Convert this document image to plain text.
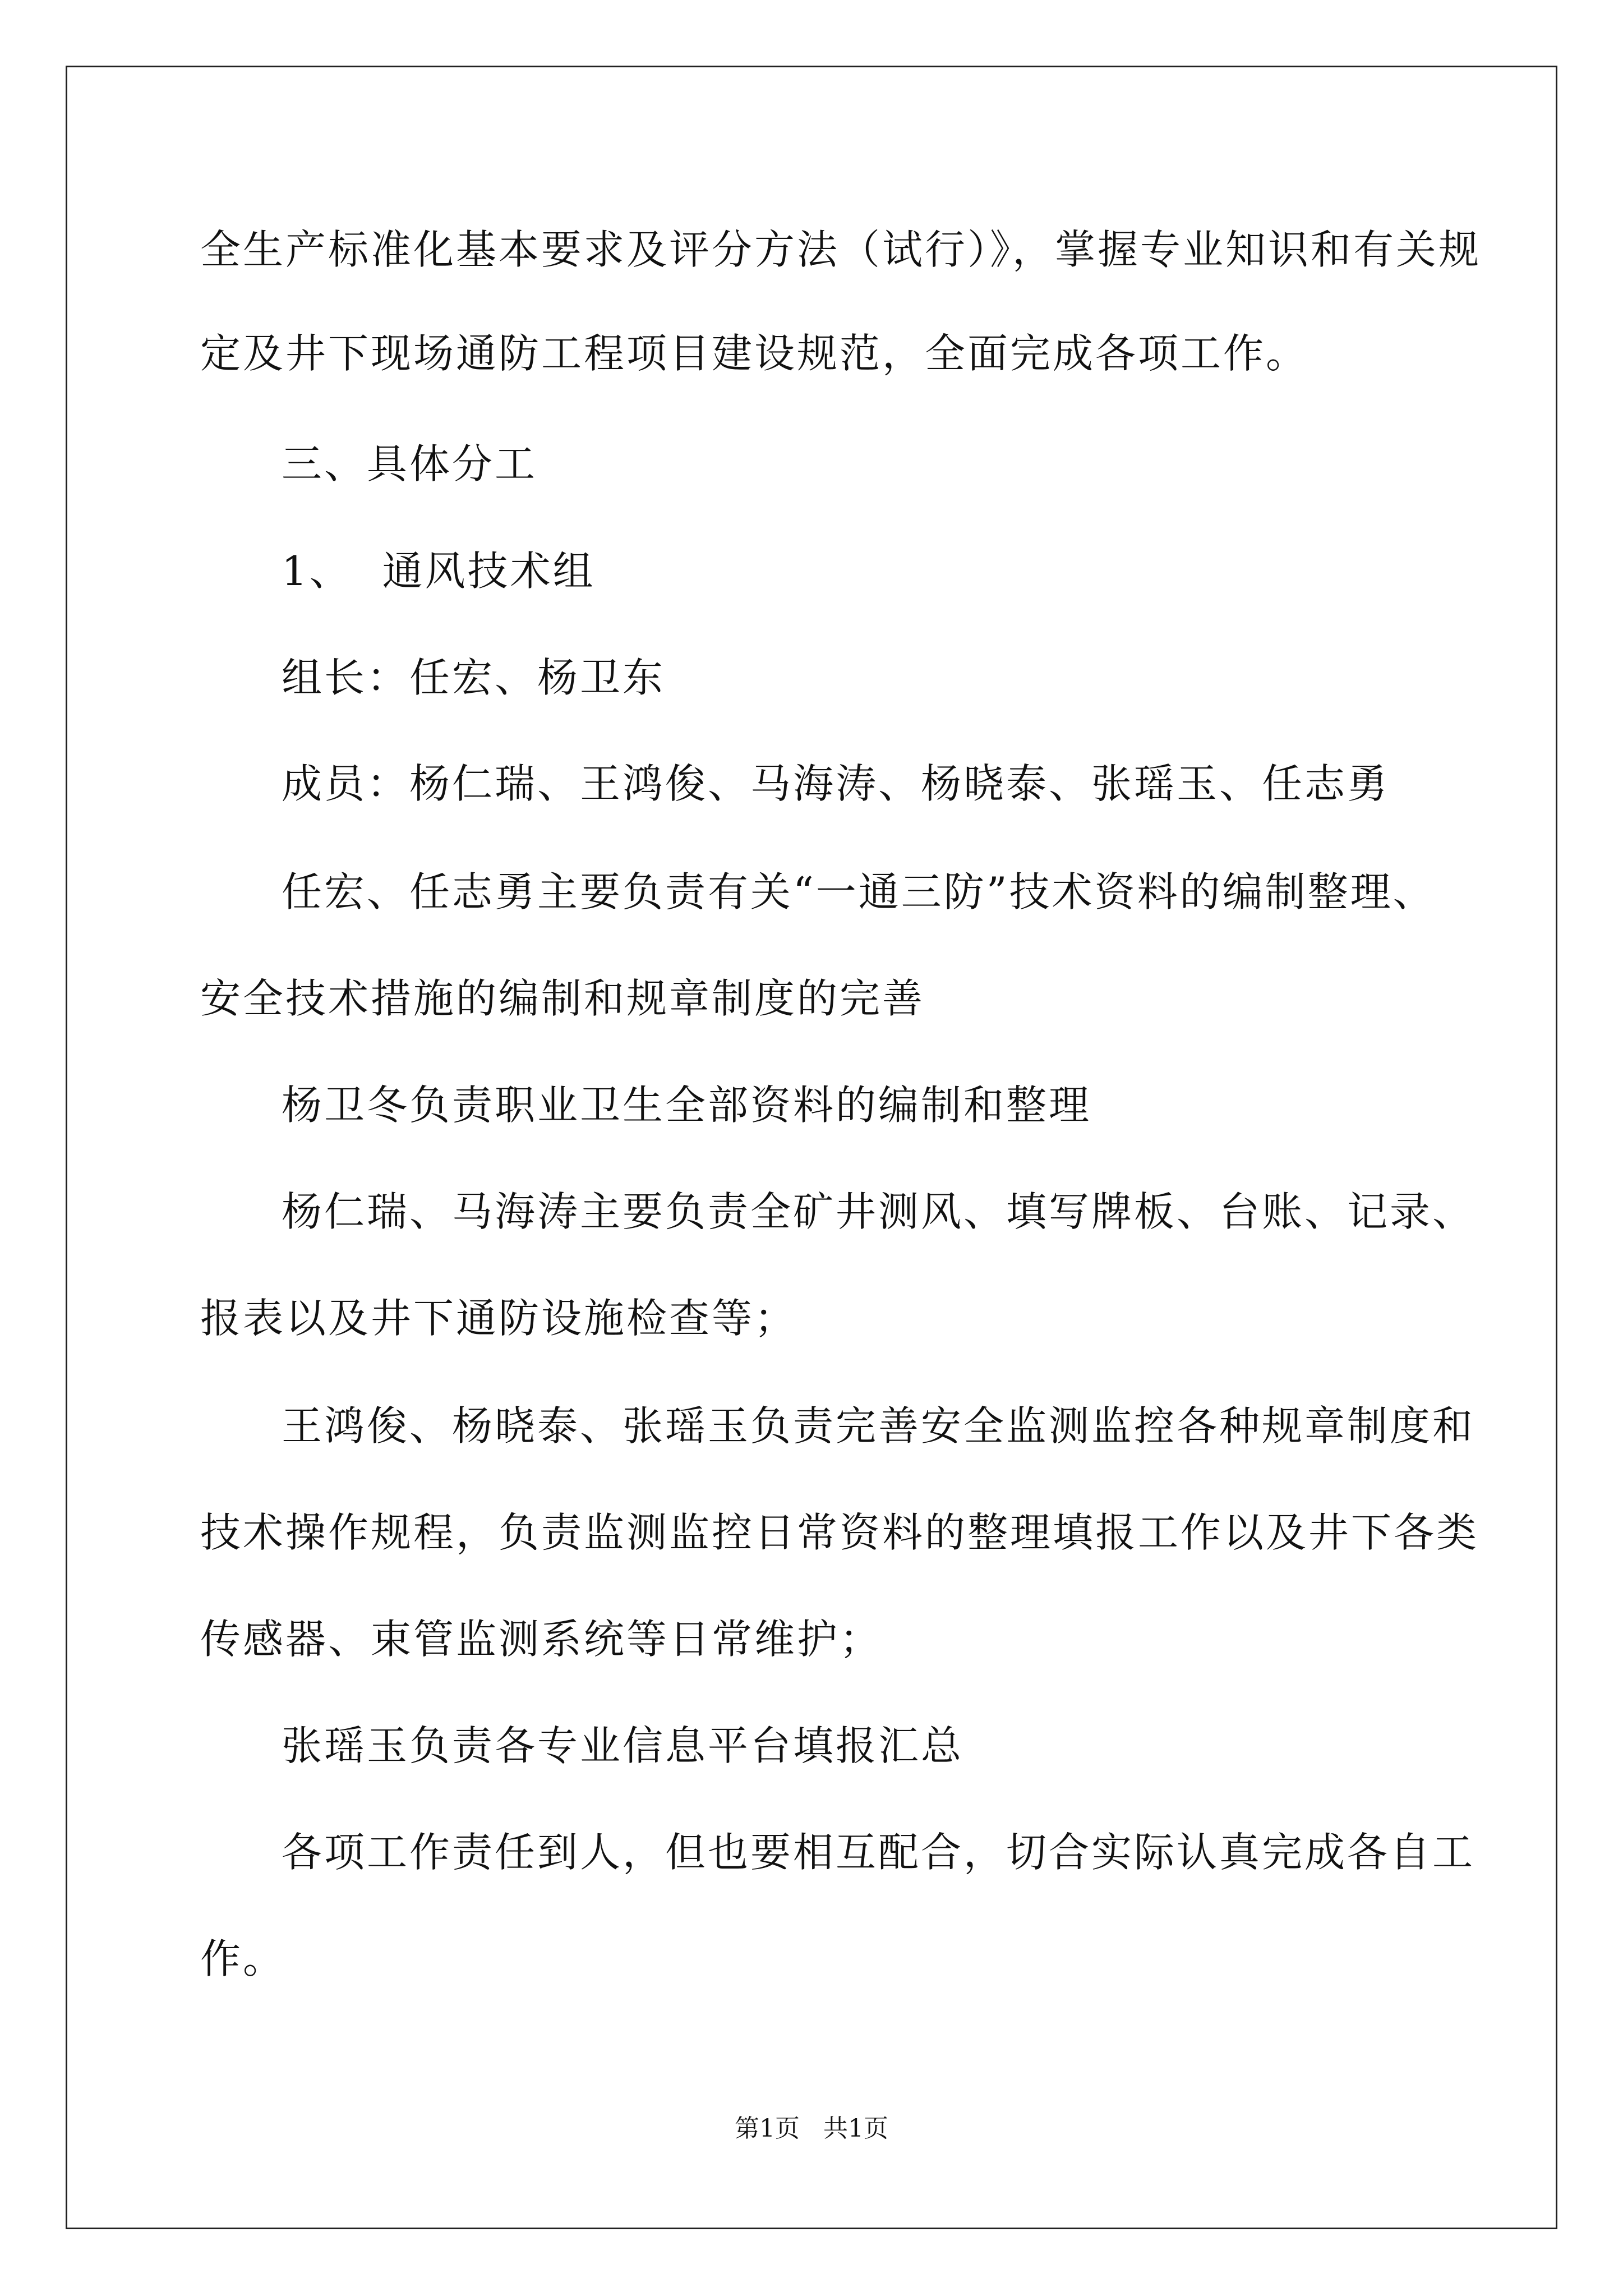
全生产标准化基本要求及评分方法（试行）》，掌握专业知识和有关规
定及井下现场通防工程项目建设规范，全面完成各项工作。
三、具体分工
1、  通风技术组
组长：任宏、杨卫东
成员：杨仁瑞、王鸿俊、马海涛、杨晓泰、张瑶玉、任志勇
任宏、任志勇主要负责有关“一通三防”技术资料的编制整理、
安全技术措施的编制和规章制度的完善
杨卫冬负责职业卫生全部资料的编制和整理
杨仁瑞、马海涛主要负责全矿井测风、填写牌板、台账、记录、
报表以及井下通防设施检查等；
王鸿俊、杨晓泰、张瑶玉负责完善安全监测监控各种规章制度和
技术操作规程，负责监测监控日常资料的整理填报工作以及井下各类
传感器、束管监测系统等日常维护；
张瑶玉负责各专业信息平台填报汇总
各项工作责任到人，但也要相互配合，切合实际认真完成各自工
作。
第1页   共1页
